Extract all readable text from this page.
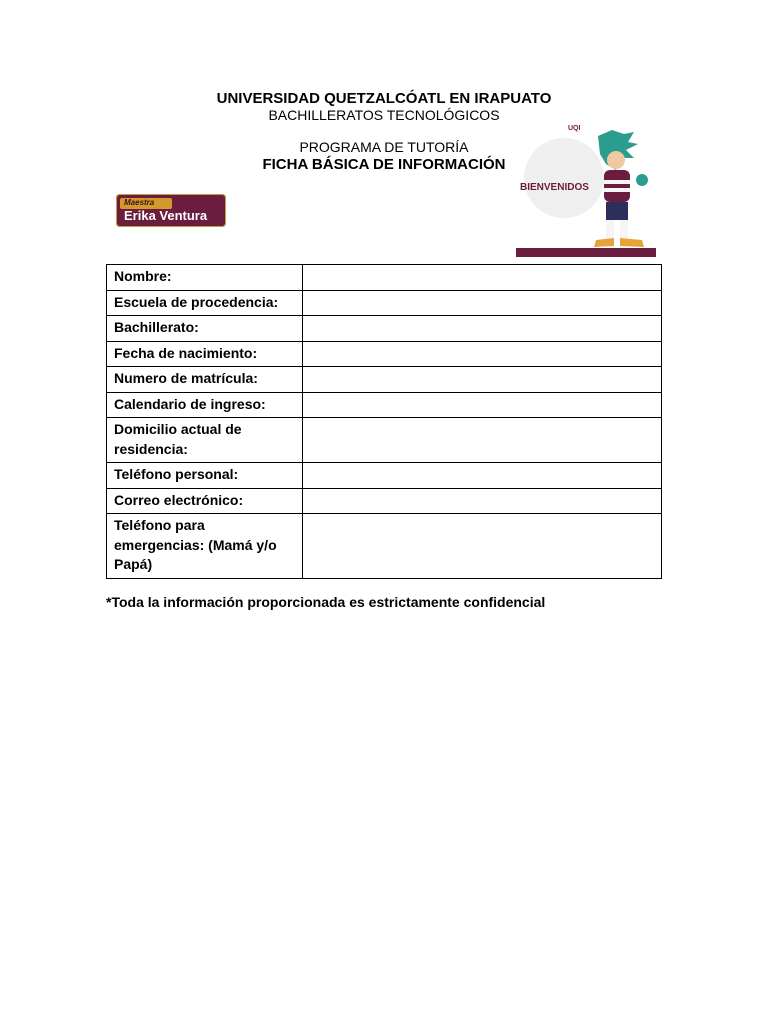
UNIVERSIDAD QUETZALCÓATL EN IRAPUATO
BACHILLERATOS TECNOLÓGICOS
PROGRAMA DE TUTORÍA
FICHA BÁSICA DE INFORMACIÓN
Maestra
Erika Ventura
UQI
BIENVENIDOS
Nombre:	
Escuela de procedencia:	
Bachillerato:	
Fecha de nacimiento:	
Numero de matrícula:	
Calendario de ingreso:	
Domicilio actual de residencia:	
Teléfono personal:	
Correo electrónico:	
Teléfono para emergencias: (Mamá y/o Papá)	
*Toda la información proporcionada es estrictamente confidencial
